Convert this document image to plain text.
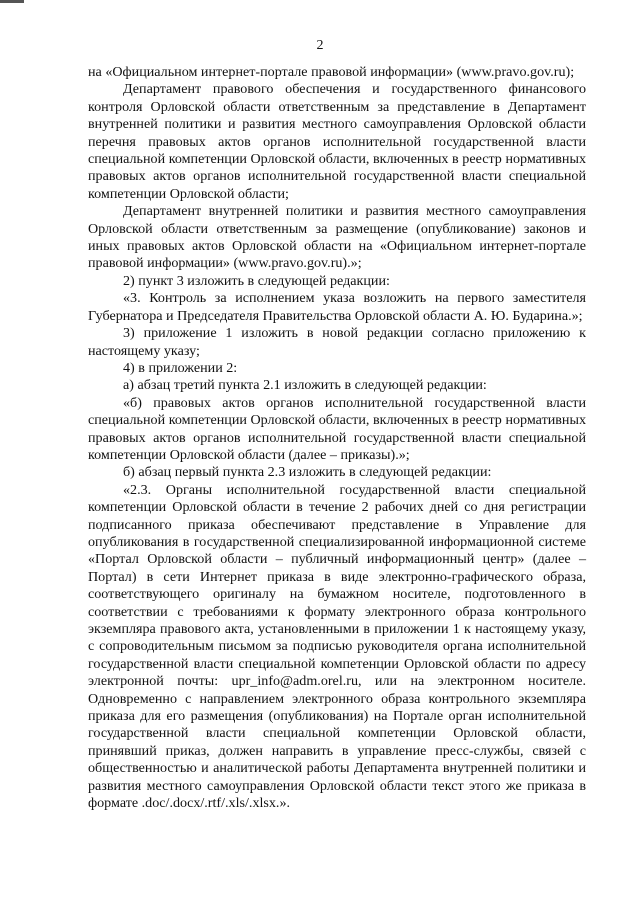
2

на «Официальном интернет-портале правовой информации» (www.pravo.gov.ru);

Департамент правового обеспечения и государственного финансового контроля Орловской области ответственным за представление в Департамент внутренней политики и развития местного самоуправления Орловской области перечня правовых актов органов исполнительной государственной власти специальной компетенции Орловской области, включенных в реестр нормативных правовых актов органов исполнительной государственной власти специальной компетенции Орловской области;

Департамент внутренней политики и развития местного самоуправления Орловской области ответственным за размещение (опубликование) законов и иных правовых актов Орловской области на «Официальном интернет-портале правовой информации» (www.pravo.gov.ru).»;

2) пункт 3 изложить в следующей редакции:

«3. Контроль за исполнением указа возложить на первого заместителя Губернатора и Председателя Правительства Орловской области А. Ю. Бударина.»;

3) приложение 1 изложить в новой редакции согласно приложению к настоящему указу;

4) в приложении 2:

а) абзац третий пункта 2.1 изложить в следующей редакции:

«б) правовых актов органов исполнительной государственной власти специальной компетенции Орловской области, включенных в реестр нормативных правовых актов органов исполнительной государственной власти специальной компетенции Орловской области (далее – приказы).»;

б) абзац первый пункта 2.3 изложить в следующей редакции:

«2.3. Органы исполнительной государственной власти специальной компетенции Орловской области в течение 2 рабочих дней со дня регистрации подписанного приказа обеспечивают представление в Управление для опубликования в государственной специализированной информационной системе «Портал Орловской области – публичный информационный центр» (далее – Портал) в сети Интернет приказа в виде электронно-графического образа, соответствующего оригиналу на бумажном носителе, подготовленного в соответствии с требованиями к формату электронного образа контрольного экземпляра правового акта, установленными в приложении 1 к настоящему указу, с сопроводительным письмом за подписью руководителя органа исполнительной государственной власти специальной компетенции Орловской области по адресу электронной почты: upr_info@adm.orel.ru, или на электронном носителе. Одновременно с направлением электронного образа контрольного экземпляра приказа для его размещения (опубликования) на Портале орган исполнительной государственной власти специальной компетенции Орловской области, принявший приказ, должен направить в управление пресс-службы, связей с общественностью и аналитической работы Департамента внутренней политики и развития местного самоуправления Орловской области текст этого же приказа в формате .doc/.docx/.rtf/.xls/.xlsx.».
